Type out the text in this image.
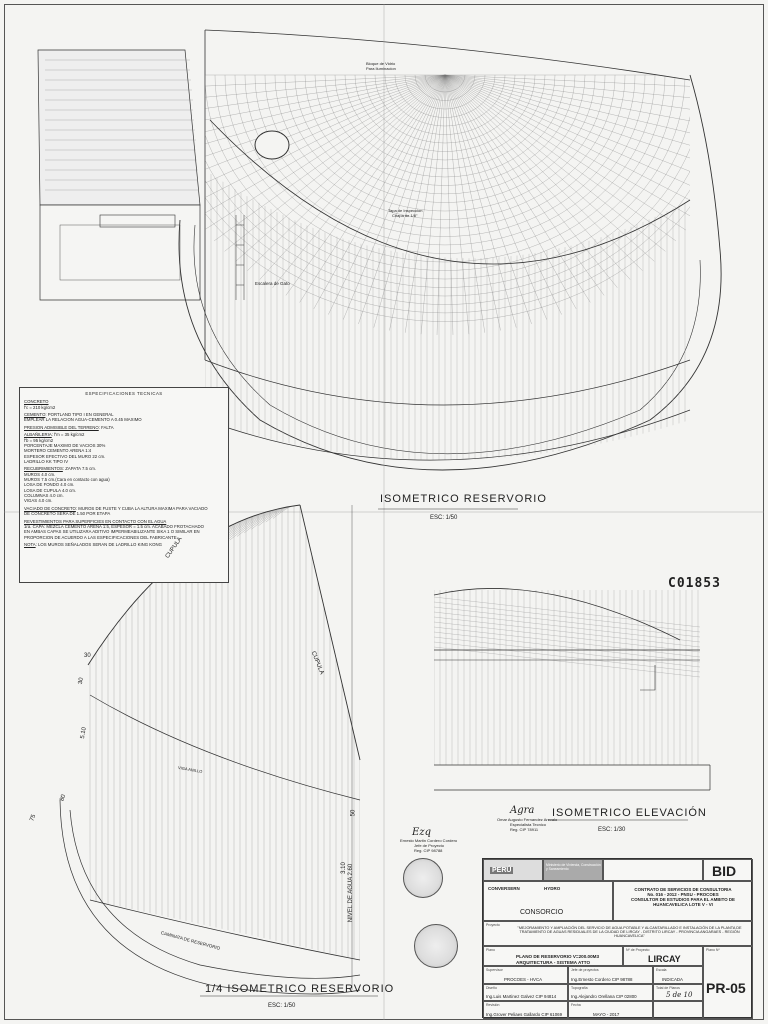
Bloque de Vidrio
Para Iluminacion
Tapa de Inspeccion
Chapa de 1/8"
Escalera de Gato
ISOMETRICO RESERVORIO
ESC: 1/50
ESPECIFICACIONES TECNICAS
CONCRETO
f'c = 210 kg/cm2
CEMENTO: PORTLAND TIPO I EN GENERAL
EMPLEAR LA RELACION AGUA-CEMENTO A 0.45 MAXIMO
PRESION ADMISIBLE DEL TERRENO: FALTA
ALBAÑILERIA: f'm = 35 kg/cm2
f'b = 95 kg/cm2
PORCENTAJE MAXIMO DE VACIOS 30%
MORTERO CEMENTO ARENA 1:4
ESPESOR EFECTIVO DEL MURO 22 cm.
LADRILLO KK TIPO IV
RECUBRIMIENTOS: ZAPATA 7.5 cm.
MUROS 4.0 cm.
MUROS 7.5 cm.(Cara en contacto con agua)
LOSA DE FONDO 4.0 cm.
LOSA DE CUPULA 4.0 cm.
COLUMNAS 4.0 cm.
VIGAS 4.0 cm.
VACIADO DE CONCRETO: MUROS DE FUSTE Y CUBA LA ALTURA MAXIMA PARA VACIADO
DE CONCRETO SERA DE 1.50 POR ETAPA
REVESTIMIENTOS PARA SUPERFICIES EN CONTACTO CON EL AGUA
1ra. CAPA: MEZCLA CEMENTO ARENA 1:5, ESPESOR = 1.5 cm. ACABADO FROTACHADO
EN AMBAS CAPAS SE UTILIZARA ADITIVO IMPERMEABILIZANTE SIKA 1 O SIMILAR EN
PROPORCION DE ACUERDO A LAS ESPECIFICACIONES DEL FABRICANTE
NOTA: LOS MUROS SEÑALADOS SERAN DE LADRILLO KING KONG
C01853
CUPULA
CUPULA
30
30
5.10
80
75
3.10
50
NIVEL DE AGUA 2.60
CAMINATA DE RESERVORIO
VIGA ANILLO
1/4 ISOMETRICO RESERVORIO
ESC: 1/50
ISOMETRICO ELEVACIÓN
ESC: 1/30
Ezq
Ernesto Martin Cordero Cordero
Jefe de Proyecto
Reg. CIP 98788
Agra
Omar Augusto Fernandez Arevalo
Especialista Tecnico
Reg. CIP 78911
PERÚ
Ministerio de Vivienda, Construcción y Saneamiento	BID
CONVERSERN	HYDRO
CONSORCIO
CONTRATO DE SERVICIOS DE CONSULTORIA
No. 016 - 2012 - PNSU - PROCOES
CONSULTOR DE ESTUDIOS PARA EL AMBITO DE
HUANCAVELICA LOTE V - VI
Proyecto
"MEJORAMIENTO Y AMPLIACIÓN DEL SERVICIO DE AGUA POTABLE Y ALCANTARILLADO E INSTALACIÓN DE LA PLANTA DE TRATAMIENTO DE AGUAS RESIDUALES DE LA CIUDAD DE LIRCAY - DISTRITO LIRCAY - PROVINCIA ANGARAES - REGIÓN HUANCAVELICA"
Plano
PLANO DE RESERVORIO V=200.00M3
ARQUITECTURA - SISTEMA ATTO
Nº de Proyecto
LIRCAY
Plano Nº
PR-05
Supervisor
PROCOES - HVCA
Jefe de proyectos
Ing.Ernesto Cordero CIP 98788
Escala
INDICADA
Diseño
Ing.Luis Martinez Galvez CIP 94814
Topografía
Ing.Alejandro Orellana CIP 02800
Total de Planos
5 de 10
Revisión
Ing.Grover Peliaes Gallardo CIP 61069
Fecha
MAYO - 2017
